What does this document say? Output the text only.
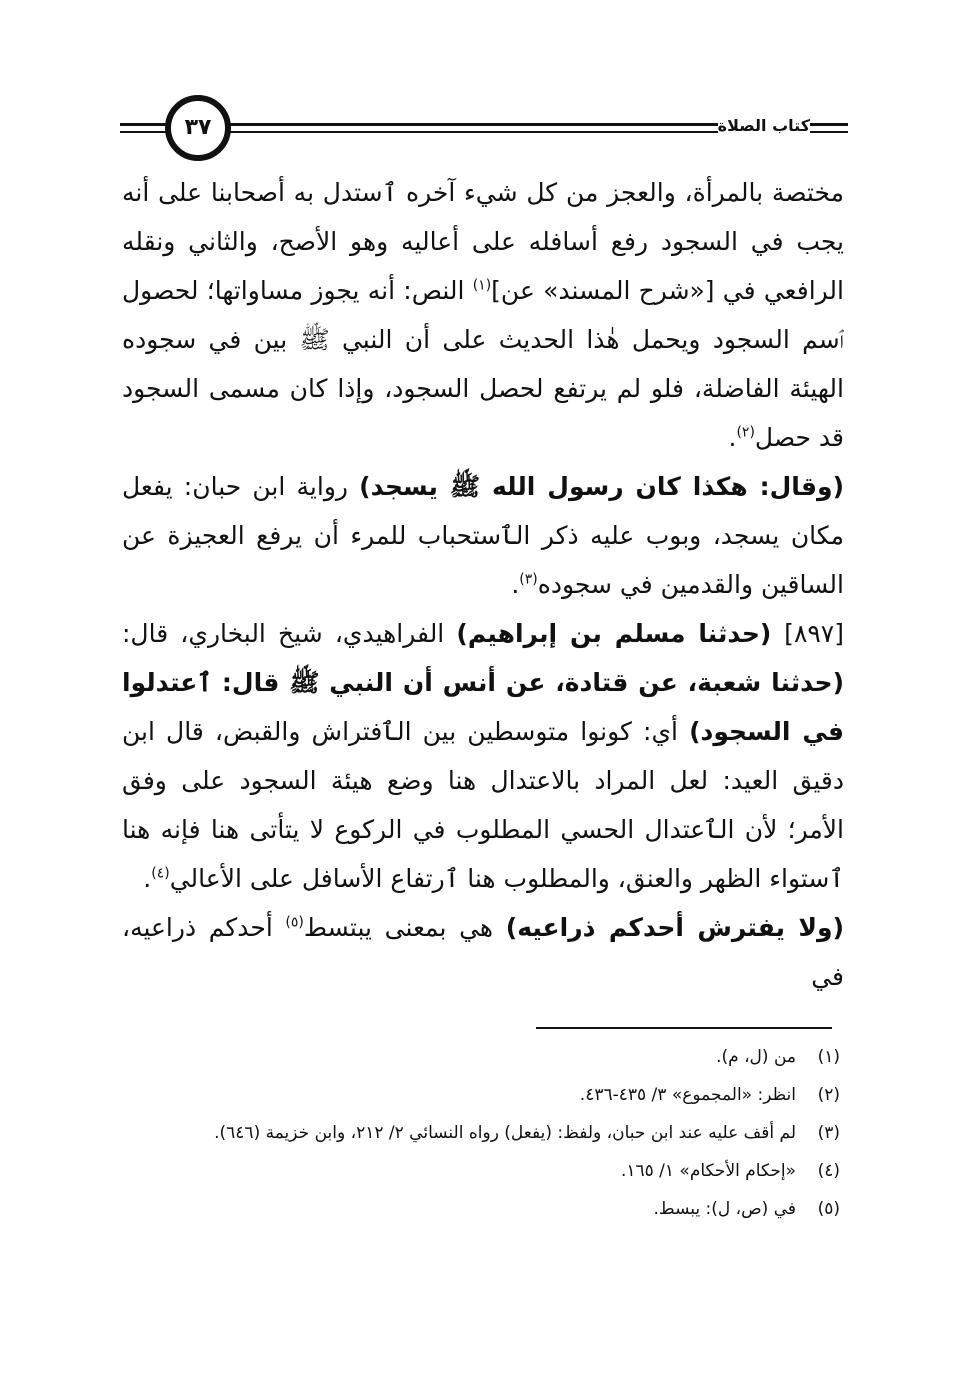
٣٧	كتاب الصلاة

مختصة بالمرأة، والعجز من كل شيء آخره ٱستدل به أصحابنا على أنه يجب في السجود رفع أسافله على أعاليه وهو الأصح، والثاني ونقله الرافعي في [«شرح المسند» عن]$^{(١)}$ النص: أنه يجوز مساواتها؛ لحصول ٱسم السجود ويحمل هٰذا الحديث على أن النبي ﷺ بين في سجوده الهيئة الفاضلة، فلو لم يرتفع لحصل السجود، وإذا كان مسمى السجود قد حصل$^{(٢)}$.

(وقال: هكذا كان رسول الله ﷺ يسجد) رواية ابن حبان: يفعل مكان يسجد، وبوب عليه ذكر الٱستحباب للمرء أن يرفع العجيزة عن الساقين والقدمين في سجوده$^{(٣)}$.

[٨٩٧] (حدثنا مسلم بن إبراهيم) الفراهيدي، شيخ البخاري، قال: (حدثنا شعبة، عن قتادة، عن أنس أن النبي ﷺ قال: ٱعتدلوا في السجود) أي: كونوا متوسطين بين الٱفتراش والقبض، قال ابن دقيق العيد: لعل المراد بالاعتدال هنا وضع هيئة السجود على وفق الأمر؛ لأن الٱعتدال الحسي المطلوب في الركوع لا يتأتى هنا فإنه هنا ٱستواء الظهر والعنق، والمطلوب هنا ٱرتفاع الأسافل على الأعالي$^{(٤)}$.

(ولا يفترش أحدكم ذراعيه) هي بمعنى يبتسط$^{(٥)}$ أحدكم ذراعيه، في

(١)
من (ل، م).
(٢)
انظر: «المجموع» ٣/ ٤٣٥-٤٣٦.
(٣)
لم أقف عليه عند ابن حبان، ولفظ: (يفعل) رواه النسائي ٢/ ٢١٢، وابن خزيمة (٦٤٦).
(٤)
«إحكام الأحكام» ١/ ١٦٥.
(٥)
في (ص، ل): يبسط.
